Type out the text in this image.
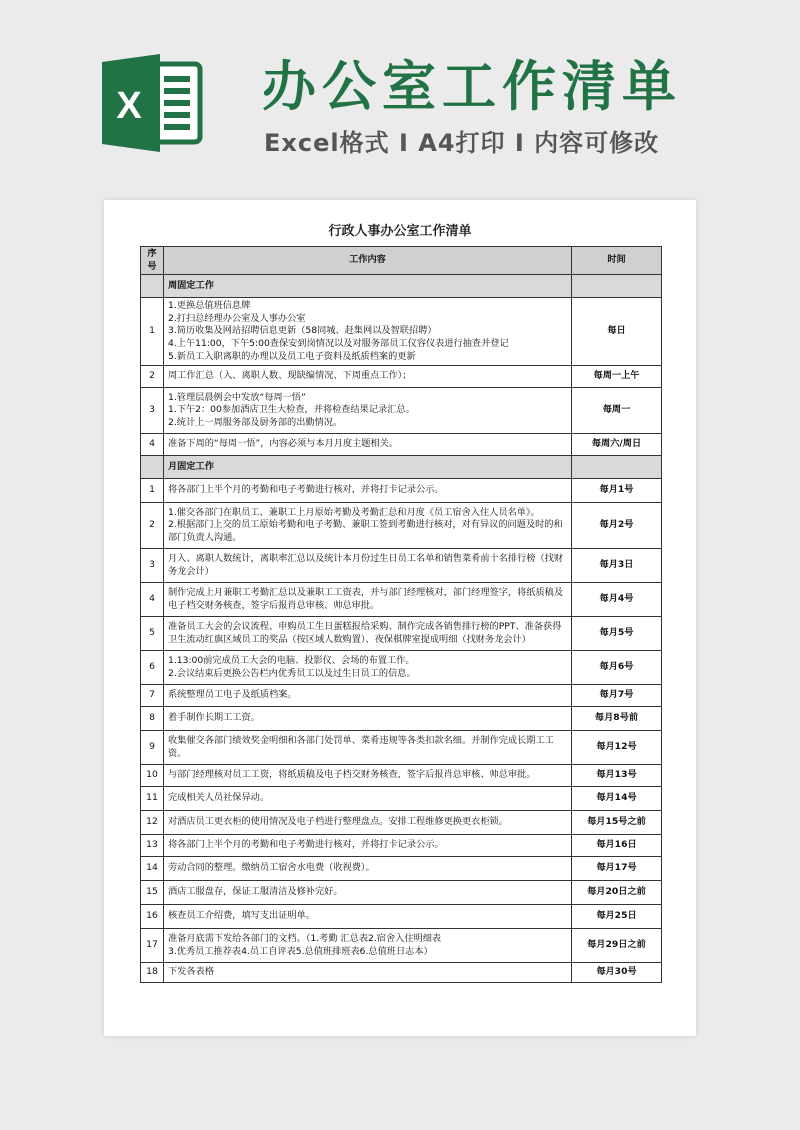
X 办公室工作清单
Excel格式 I A4打印 I 内容可修改
行政人事办公室工作清单
序号	工作内容	时间
	周固定工作	
1	1.更换总值班信息牌
2.打扫总经理办公室及人事办公室
3.简历收集及网站招聘信息更新（58同城、赶集网以及智联招聘）
4.上午11:00，下午5:00查保安到岗情况以及对服务部员工仪容仪表进行抽查并登记
5.新员工入职离职的办理以及员工电子资料及纸质档案的更新	每日
2	周工作汇总（入、离职人数、现缺编情况、下周重点工作）；	每周一上午
3	1.管理层晨例会中发放“每周一悟”
1.下午2：00参加酒店卫生大检查，并将检查结果记录汇总。
2.统计上一周服务部及厨务部的出勤情况。	每周一
4	准备下周的“每周一悟”，内容必须与本月月度主题相关。	每周六/周日
	月固定工作	
1	将各部门上半个月的考勤和电子考勤进行核对，并将打卡记录公示。	每月1号
2	1.催交各部门在职员工、兼职工上月原始考勤及考勤汇总和月度《员工宿舍入住人员名单》。
2.根据部门上交的员工原始考勤和电子考勤、兼职工签到考勤进行核对，对有异议的问题及时的和部门负责人沟通。	每月2号
3	月入、离职人数统计，离职率汇总以及统计本月份过生日员工名单和销售菜肴前十名排行榜（找财务龙会计）	每月3日
4	制作完成上月兼职工考勤汇总以及兼职工工资表，并与部门经理核对，部门经理签字，将纸质稿及电子档交财务核查，签字后报肖总审核、帅总审批。	每月4号
5	准备员工大会的会议流程、申购员工生日蛋糕报给采购、制作完成各销售排行榜的PPT、准备获得卫生流动红旗区域员工的奖品（按区域人数购置）、夜保棋牌室提成明细（找财务龙会计）	每月5号
6	1.13:00前完成员工大会的电脑、投影仪、会场的布置工作。
2.会议结束后更换公告栏内优秀员工以及过生日员工的信息。	每月6号
7	系统整理员工电子及纸质档案。	每月7号
8	着手制作长期工工资。	每月8号前
9	收集催交各部门绩效奖金明细和各部门处罚单、菜肴违规等各类扣款名细。并制作完成长期工工资。	每月12号
10	与部门经理核对员工工资，将纸质稿及电子档交财务核查，签字后报肖总审核、帅总审批。	每月13号
11	完成相关人员社保异动。	每月14号
12	对酒店员工更衣柜的使用情况及电子档进行整理盘点。安排工程维修更换更衣柜锁。	每月15号之前
13	将各部门上半个月的考勤和电子考勤进行核对，并将打卡记录公示。	每月16日
14	劳动合同的整理。缴纳员工宿舍水电费（收视费）。	每月17号
15	酒店工服盘存，保证工服清洁及修补完好。	每月20日之前
16	核查员工介绍费，填写支出证明单。	每月25日
17	准备月底需下发给各部门的文档。（1.考勤 汇总表2.宿舍入住明细表
3.优秀员工推荐表4.员工自评表5.总值班排班表6.总值班日志本）	每月29日之前
18	下发各表格	每月30号
